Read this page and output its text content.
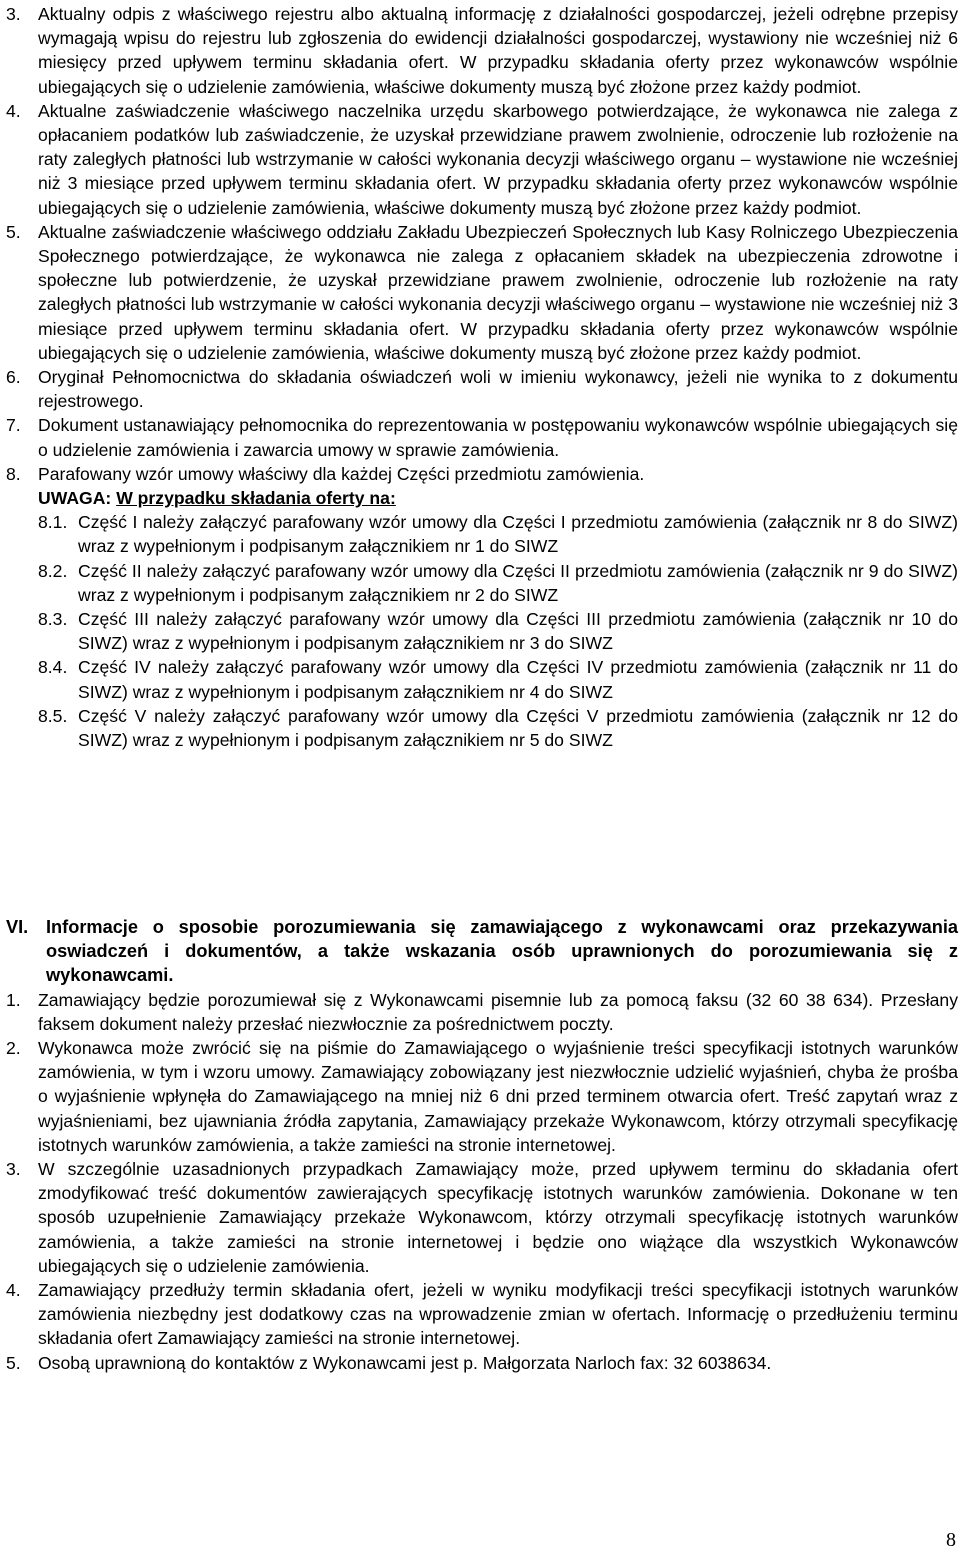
3. Aktualny odpis z właściwego rejestru albo aktualną informację z działalności gospodarczej, jeżeli odrębne przepisy wymagają wpisu do rejestru lub zgłoszenia do ewidencji działalności gospodarczej, wystawiony nie wcześniej niż 6 miesięcy przed upływem terminu składania ofert. W przypadku składania oferty przez wykonawców wspólnie ubiegających się o udzielenie zamówienia, właściwe dokumenty muszą być złożone przez każdy podmiot.
4. Aktualne zaświadczenie właściwego naczelnika urzędu skarbowego potwierdzające, że wykonawca nie zalega z opłacaniem podatków lub zaświadczenie, że uzyskał przewidziane prawem zwolnienie, odroczenie lub rozłożenie na raty zaległych płatności lub wstrzymanie w całości wykonania decyzji właściwego organu – wystawione nie wcześniej niż 3 miesiące przed upływem terminu składania ofert. W przypadku składania oferty przez wykonawców wspólnie ubiegających się o udzielenie zamówienia, właściwe dokumenty muszą być złożone przez każdy podmiot.
5. Aktualne zaświadczenie właściwego oddziału Zakładu Ubezpieczeń Społecznych lub Kasy Rolniczego Ubezpieczenia Społecznego potwierdzające, że wykonawca nie zalega z opłacaniem składek na ubezpieczenia zdrowotne i społeczne lub potwierdzenie, że uzyskał przewidziane prawem zwolnienie, odroczenie lub rozłożenie na raty zaległych płatności lub wstrzymanie w całości wykonania decyzji właściwego organu – wystawione nie wcześniej niż 3 miesiące przed upływem terminu składania ofert. W przypadku składania oferty przez wykonawców wspólnie ubiegających się o udzielenie zamówienia, właściwe dokumenty muszą być złożone przez każdy podmiot.
6. Oryginał Pełnomocnictwa do składania oświadczeń woli w imieniu wykonawcy, jeżeli nie wynika to z dokumentu rejestrowego.
7. Dokument ustanawiający pełnomocnika do reprezentowania w postępowaniu wykonawców wspólnie ubiegających się o udzielenie zamówienia i zawarcia umowy w sprawie zamówienia.
8. Parafowany wzór umowy właściwy dla każdej Części przedmiotu zamówienia.
UWAGA: W przypadku składania oferty na:
8.1. Część I należy załączyć parafowany wzór umowy dla Części I przedmiotu zamówienia (załącznik nr 8 do SIWZ) wraz z wypełnionym i podpisanym załącznikiem nr 1 do SIWZ
8.2. Część II należy załączyć parafowany wzór umowy dla Części II przedmiotu zamówienia (załącznik nr 9 do SIWZ) wraz z wypełnionym i podpisanym załącznikiem nr 2 do SIWZ
8.3. Część III należy załączyć parafowany wzór umowy dla Części III przedmiotu zamówienia (załącznik nr 10 do SIWZ) wraz z wypełnionym i podpisanym załącznikiem nr 3 do SIWZ
8.4. Część IV należy załączyć parafowany wzór umowy dla Części IV przedmiotu zamówienia (załącznik nr 11 do SIWZ) wraz z wypełnionym i podpisanym załącznikiem nr 4 do SIWZ
8.5. Część V należy załączyć parafowany wzór umowy dla Części V przedmiotu zamówienia (załącznik nr 12 do SIWZ) wraz z wypełnionym i podpisanym załącznikiem nr 5 do SIWZ
VI. Informacje o sposobie porozumiewania się zamawiającego z wykonawcami oraz przekazywania oswiadczeń i dokumentów, a także wskazania osób uprawnionych do porozumiewania się z wykonawcami.
1. Zamawiający będzie porozumiewał się z Wykonawcami pisemnie lub za pomocą faksu (32 60 38 634). Przesłany faksem dokument należy przesłać niezwłocznie za pośrednictwem poczty.
2. Wykonawca może zwrócić się na piśmie do Zamawiającego o wyjaśnienie treści specyfikacji istotnych warunków zamówienia, w tym i wzoru umowy. Zamawiający zobowiązany jest niezwłocznie udzielić wyjaśnień, chyba że prośba o wyjaśnienie wpłynęła do Zamawiającego na mniej niż 6 dni przed terminem otwarcia ofert. Treść zapytań wraz z wyjaśnieniami, bez ujawniania źródła zapytania, Zamawiający przekaże Wykonawcom, którzy otrzymali specyfikację istotnych warunków zamówienia, a także zamieści na stronie internetowej.
3. W szczególnie uzasadnionych przypadkach Zamawiający może, przed upływem terminu do składania ofert zmodyfikować treść dokumentów zawierających specyfikację istotnych warunków zamówienia. Dokonane w ten sposób uzupełnienie Zamawiający przekaże Wykonawcom, którzy otrzymali specyfikację istotnych warunków zamówienia, a także zamieści na stronie internetowej i będzie ono wiążące dla wszystkich Wykonawców ubiegających się o udzielenie zamówienia.
4. Zamawiający przedłuży termin składania ofert, jeżeli w wyniku modyfikacji treści specyfikacji istotnych warunków zamówienia niezbędny jest dodatkowy czas na wprowadzenie zmian w ofertach. Informację o przedłużeniu terminu składania ofert Zamawiający zamieści na stronie internetowej.
5. Osobą uprawnioną do kontaktów z Wykonawcami jest p. Małgorzata Narloch fax: 32 6038634.
8
